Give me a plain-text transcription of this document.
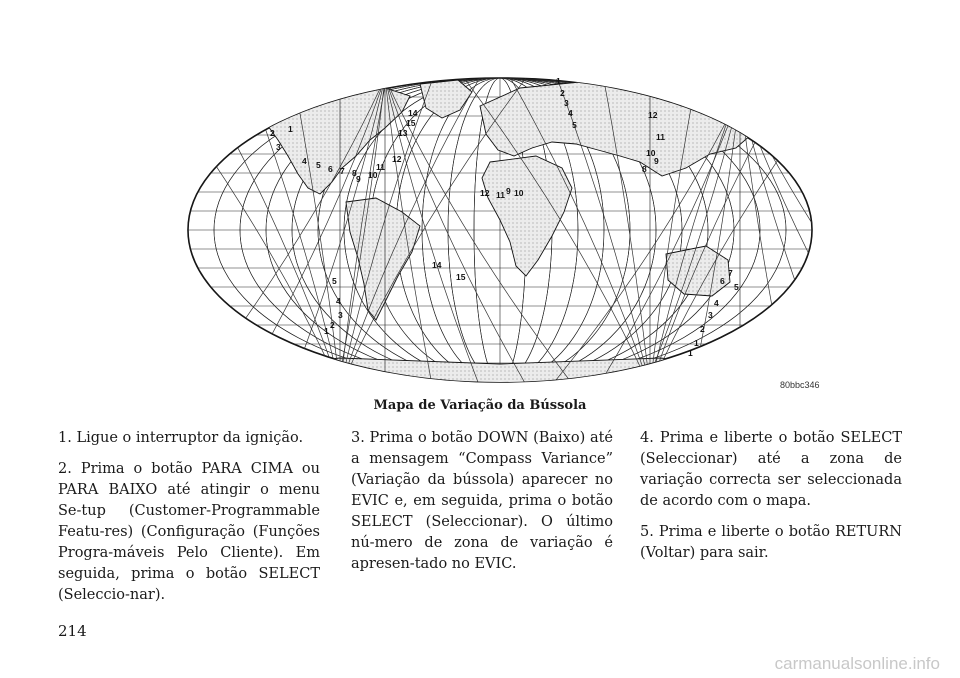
1
2
3
4 5 6 7 8
9 10
11
12
13
15
14
1
2
3
4
5
12
11
10
9
8
9 10
11
12
14
15
5
4
3
2
1
7
6
5
4
3
2
1
1
80bbc346
Mapa de Variação da Bússola

1. Ligue o interruptor da ignição.

2. Prima o botão PARA CIMA ou PARA BAIXO até atingir o menu Se-tup (Customer-Programmable Featu-res) (Configuração (Funções Progra-máveis Pelo Cliente). Em seguida, prima o botão SELECT (Seleccio-nar).

3. Prima o botão DOWN (Baixo) até a mensagem “Compass Variance” (Variação da bússola) aparecer no EVIC e, em seguida, prima o botão SELECT (Seleccionar). O último nú-mero de zona de variação é apresen-tado no EVIC.

4. Prima e liberte o botão SELECT (Seleccionar) até a zona de variação correcta ser seleccionada de acordo com o mapa.

5. Prima e liberte o botão RETURN (Voltar) para sair.

214
carmanualsonline.info
